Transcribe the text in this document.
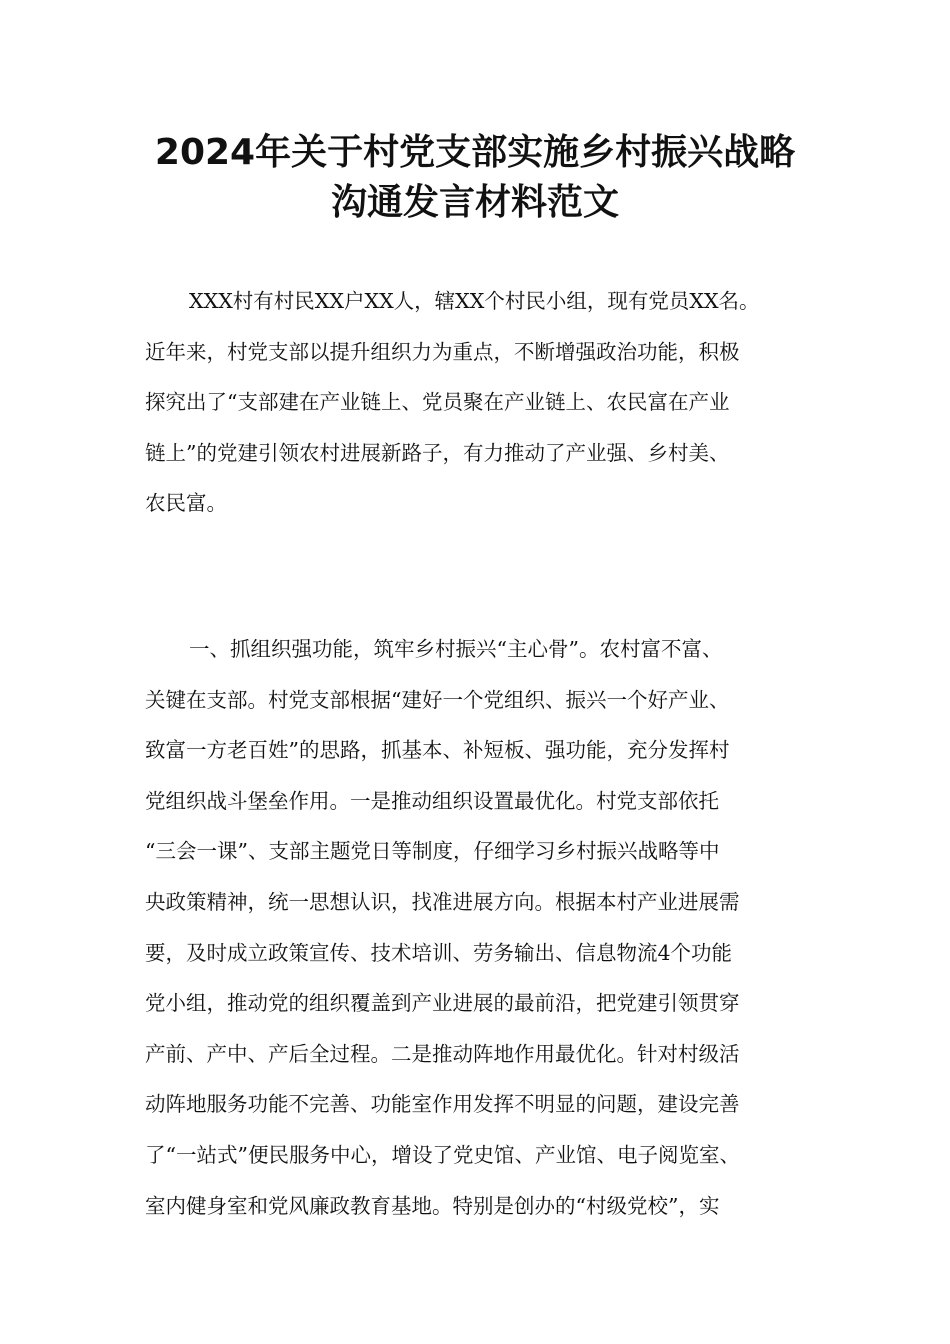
2024年关于村党支部实施乡村振兴战略
沟通发言材料范文
XXX村有村民XX户XX人，辖XX个村民小组，现有党员XX名。
近年来，村党支部以提升组织力为重点，不断增强政治功能，积极
探究出了“支部建在产业链上、党员聚在产业链上、农民富在产业
链上”的党建引领农村进展新路子，有力推动了产业强、乡村美、
农民富。
一、抓组织强功能，筑牢乡村振兴“主心骨”。农村富不富、
关键在支部。村党支部根据“建好一个党组织、振兴一个好产业、
致富一方老百姓”的思路，抓基本、补短板、强功能，充分发挥村
党组织战斗堡垒作用。一是推动组织设置最优化。村党支部依托
“三会一课”、支部主题党日等制度，仔细学习乡村振兴战略等中
央政策精神，统一思想认识，找准进展方向。根据本村产业进展需
要，及时成立政策宣传、技术培训、劳务输出、信息物流4个功能
党小组，推动党的组织覆盖到产业进展的最前沿，把党建引领贯穿
产前、产中、产后全过程。二是推动阵地作用最优化。针对村级活
动阵地服务功能不完善、功能室作用发挥不明显的问题，建设完善
了“一站式”便民服务中心，增设了党史馆、产业馆、电子阅览室、
室内健身室和党风廉政教育基地。特别是创办的“村级党校”，实
